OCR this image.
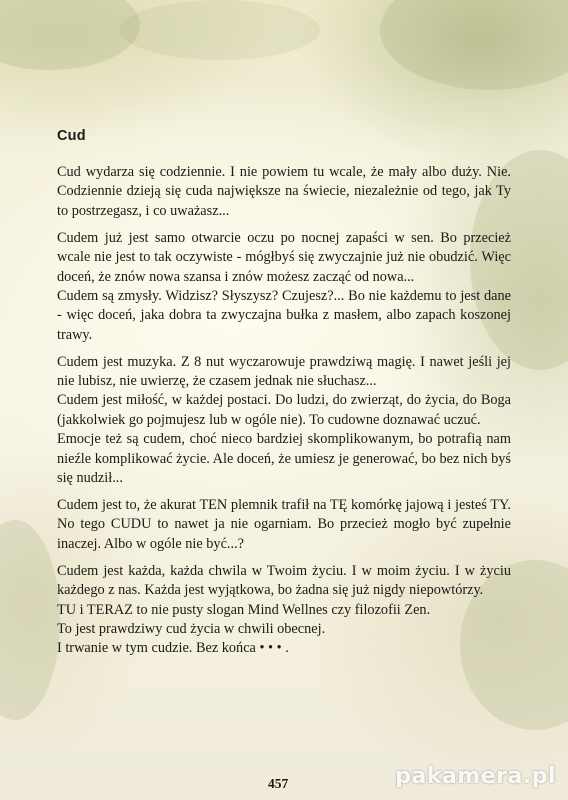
Cud

Cud wydarza się codziennie. I nie powiem tu wcale, że mały albo duży. Nie. Codziennie dzieją się cuda największe na świecie, niezależnie od tego, jak Ty to postrzegasz, i co uważasz...

Cudem już jest samo otwarcie oczu po nocnej zapaści w sen. Bo przecież wcale nie jest to tak oczywiste - mógłbyś się zwyczajnie już nie obudzić. Więc doceń, że znów nowa szansa i znów możesz zacząć od nowa...
Cudem są zmysły. Widzisz? Słyszysz? Czujesz?... Bo nie każdemu to jest dane - więc doceń, jaka dobra ta zwyczajna bułka z masłem, albo zapach koszonej trawy.

Cudem jest muzyka. Z 8 nut wyczarowuje prawdziwą magię. I nawet jeśli jej nie lubisz, nie uwierzę, że czasem jednak nie słuchasz...
Cudem jest miłość, w każdej postaci. Do ludzi, do zwierząt, do życia, do Boga (jakkolwiek go pojmujesz lub w ogóle nie). To cudowne doznawać uczuć.
Emocje też są cudem, choć nieco bardziej skomplikowanym, bo potrafią nam nieźle komplikować życie. Ale doceń, że umiesz je generować, bo bez nich byś się nudził...

Cudem jest to, że akurat TEN plemnik trafił na TĘ komórkę jajową i jesteś TY. No tego CUDU to nawet ja nie ogarniam. Bo przecież mogło być zupełnie inaczej. Albo w ogóle nie być...?

Cudem jest każda, każda chwila w Twoim życiu. I w moim życiu. I w życiu każdego z nas. Każda jest wyjątkowa, bo żadna się już nigdy niepowtórzy.
TU i TERAZ to nie pusty slogan Mind Wellnes czy filozofii Zen.
To jest prawdziwy cud życia w chwili obecnej.
I trwanie w tym cudzie. Bez końca • • • .

457	pakamera.pl
